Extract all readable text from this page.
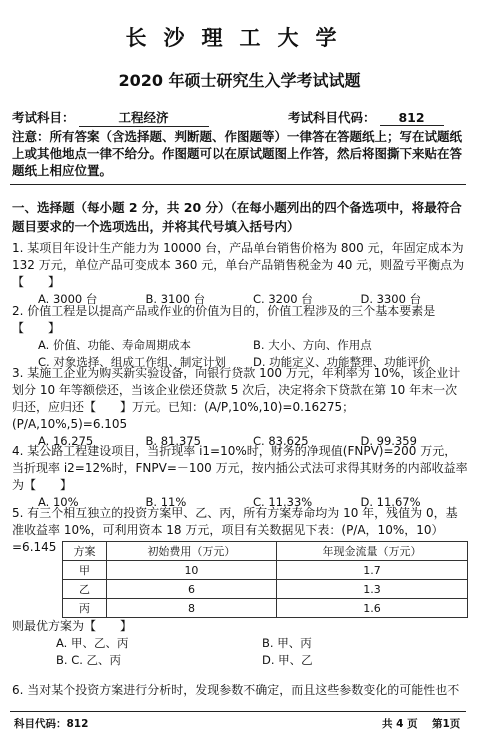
长沙理工大学
2020 年硕士研究生入学考试试题
考试科目：	工程经济	考试科目代码： 812
注意：所有答案（含选择题、判断题、作图题等）一律答在答题纸上；写在试题纸上或其他地点一律不给分。作图题可以在原试题图上作答，然后将图撕下来贴在答题纸上相应位置。
一、选择题（每小题 2 分，共 20 分）（在每小题列出的四个备选项中，将最符合题目要求的一个选项选出，并将其代号填入括号内）
1. 某项目年设计生产能力为 10000 台，产品单台销售价格为 800 元，年固定成本为 132 万元，单位产品可变成本 360 元，单台产品销售税金为 40 元，则盈亏平衡点为【　　】
A. 3000 台	B. 3100 台	C. 3200 台	D. 3300 台
2. 价值工程是以提高产品或作业的价值为目的，价值工程涉及的三个基本要素是【　　】
A. 价值、功能、寿命周期成本	B. 大小、方向、作用点
C. 对象选择、组成工作组、制定计划	D. 功能定义、功能整理、功能评价
3. 某施工企业为购买新实验设备，向银行贷款 100 万元，年利率为 10%，该企业计划分 10 年等额偿还，当该企业偿还贷款 5 次后，决定将余下贷款在第 10 年末一次归还，应归还【　　】万元。已知：(A/P,10%,10)=0.16275；(P/A,10%,5)=6.105
A. 16.275	B. 81.375	C. 83.625	D. 99.359
4. 某公路工程建设项目，当折现率 i1=10%时，财务的净现值(FNPV)=200 万元，当折现率 i2=12%时，FNPV=－100 万元，按内插公式法可求得其财务的内部收益率为【　　】
A. 10%	B. 11%	C. 11.33%	D. 11.67%
5. 有三个相互独立的投资方案甲、乙、丙，所有方案寿命均为 10 年，残值为 0，基准收益率 10%，可利用资本 18 万元，项目有关数据见下表：(P/A，10%，10）=6.145	方案	初始费用（万元）	年现金流量（万元）
甲	10	1.7
乙	6	1.3
丙	8	1.6
则最优方案为【　　】
A. 甲、乙、丙	B. 甲、丙
B. C. 乙、丙	D. 甲、乙
6. 当对某个投资方案进行分析时，发现参数不确定，而且这些参数变化的可能性也不
科目代码：812	共 4 页 第1页
